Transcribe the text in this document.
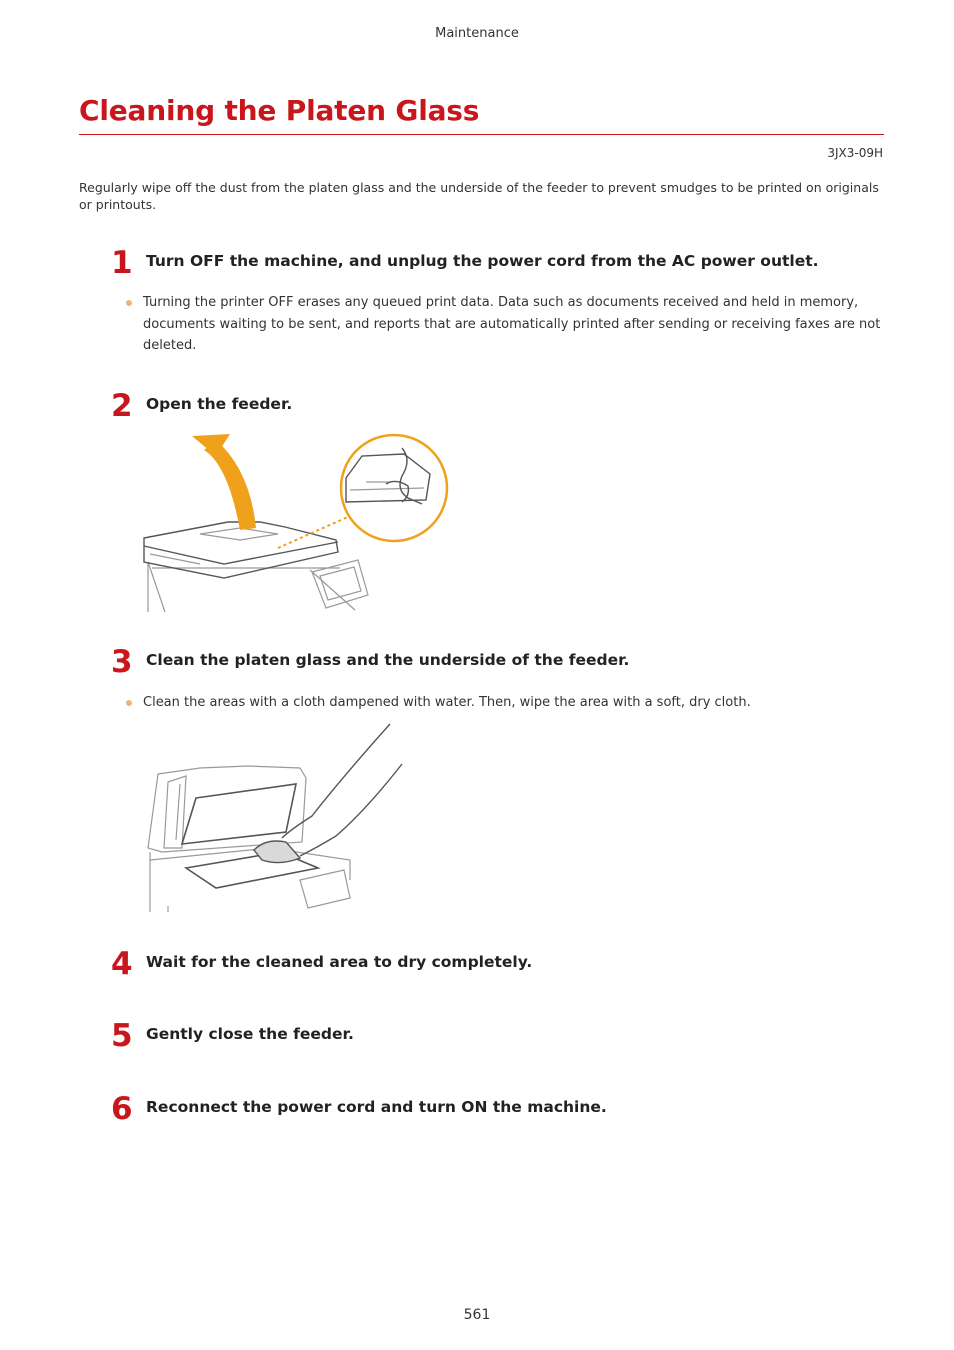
Maintenance
Cleaning the Platen Glass
3JX3-09H
Regularly wipe off the dust from the platen glass and the underside of the feeder to prevent smudges to be printed on originals or printouts.
1 Turn OFF the machine, and unplug the power cord from the AC power outlet.
Turning the printer OFF erases any queued print data. Data such as documents received and held in memory, documents waiting to be sent, and reports that are automatically printed after sending or receiving faxes are not deleted.
2 Open the feeder.
3 Clean the platen glass and the underside of the feeder.
Clean the areas with a cloth dampened with water. Then, wipe the area with a soft, dry cloth.
4 Wait for the cleaned area to dry completely.
5 Gently close the feeder.
6 Reconnect the power cord and turn ON the machine.
561
